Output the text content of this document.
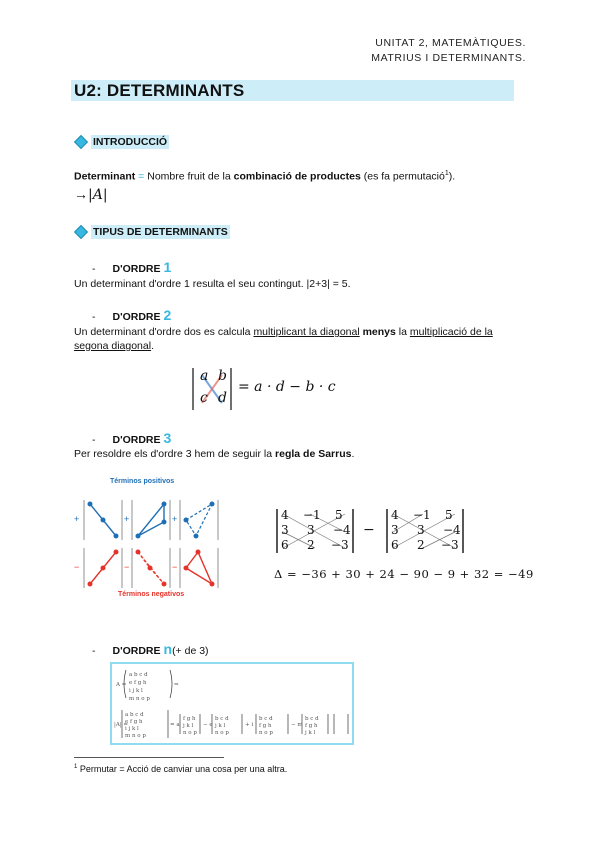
UNITAT 2, MATEMÀTIQUES.
MATRIUS I DETERMINANTS.
U2: DETERMINANTS
INTRODUCCIÓ
Determinant = Nombre fruit de la combinació de productes (es fa permutació$^1$).
→|A|
TIPUS DE DETERMINANTS
- D'ORDRE 1
Un determinant d'ordre 1 resulta el seu contingut. |2+3| = 5.
- D'ORDRE 2
Un determinant d'ordre dos es calcula multiplicant la diagonal menys la multiplicació de la
segona diagonal.
a b
c d
= a · d − b · c
- D'ORDRE 3
Per resoldre els d'ordre 3 hem de seguir la regla de Sarrus.
Términos positivos
+	+	+
−	−	−
Términos negativos
4 −1 5
3 3 −4
6 2 −3
−
4 −1 5
3 3 −4
6 2 −3
Δ = −36 + 30 + 24 − 90 − 9 + 32 = −49
- D'ORDRE n (+ de 3)
A =
a b c d
e f g h
i j k l
m n o p
⇒
|A| =
a b c d
e f g h
i j k l
m n o p
= a
f g h
j k l
n o p
− e
b c d
j k l
n o p
+ i
b c d
f g h
n o p
− m
b c d
f g h
j k l
$^1$ Permutar = Acció de canviar una cosa per una altra.
